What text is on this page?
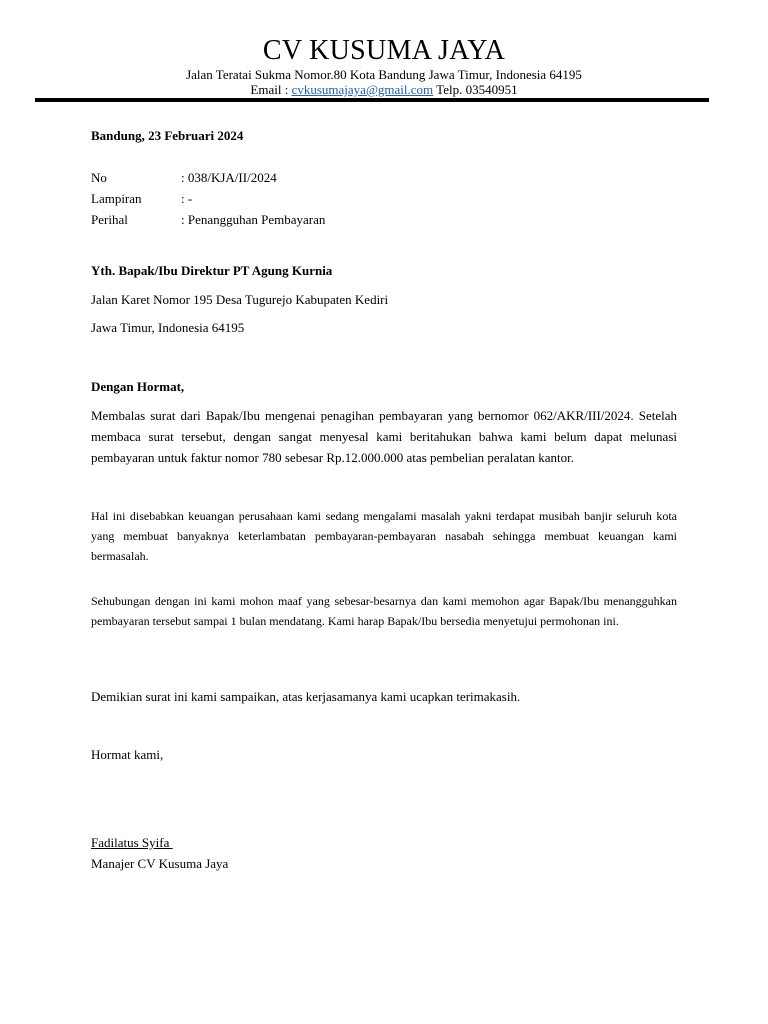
CV KUSUMA JAYA
Jalan Teratai Sukma Nomor.80 Kota Bandung Jawa Timur, Indonesia 64195
Email : cvkusumajaya@gmail.com Telp. 03540951
Bandung, 23 Februari 2024
No	: 038/KJA/II/2024
Lampiran	: -
Perihal	: Penangguhan Pembayaran
Yth. Bapak/Ibu Direktur PT Agung Kurnia
Jalan Karet Nomor 195 Desa Tugurejo Kabupaten Kediri
Jawa Timur, Indonesia 64195
Dengan Hormat,
Membalas surat dari Bapak/Ibu mengenai penagihan pembayaran yang bernomor 062/AKR/III/2024. Setelah membaca surat tersebut, dengan sangat menyesal kami beritahukan bahwa kami belum dapat melunasi pembayaran untuk faktur nomor 780 sebesar Rp.12.000.000 atas pembelian peralatan kantor.
Hal ini disebabkan keuangan perusahaan kami sedang mengalami masalah yakni terdapat musibah banjir seluruh kota yang membuat banyaknya keterlambatan pembayaran-pembayaran nasabah sehingga membuat keuangan kami bermasalah.
Sehubungan dengan ini kami mohon maaf yang sebesar-besarnya dan kami memohon agar Bapak/Ibu menangguhkan pembayaran tersebut sampai 1 bulan mendatang. Kami harap Bapak/Ibu bersedia menyetujui permohonan ini.
Demikian surat ini kami sampaikan, atas kerjasamanya kami ucapkan terimakasih.
Hormat kami,
Fadilatus Syifa
Manajer CV Kusuma Jaya
